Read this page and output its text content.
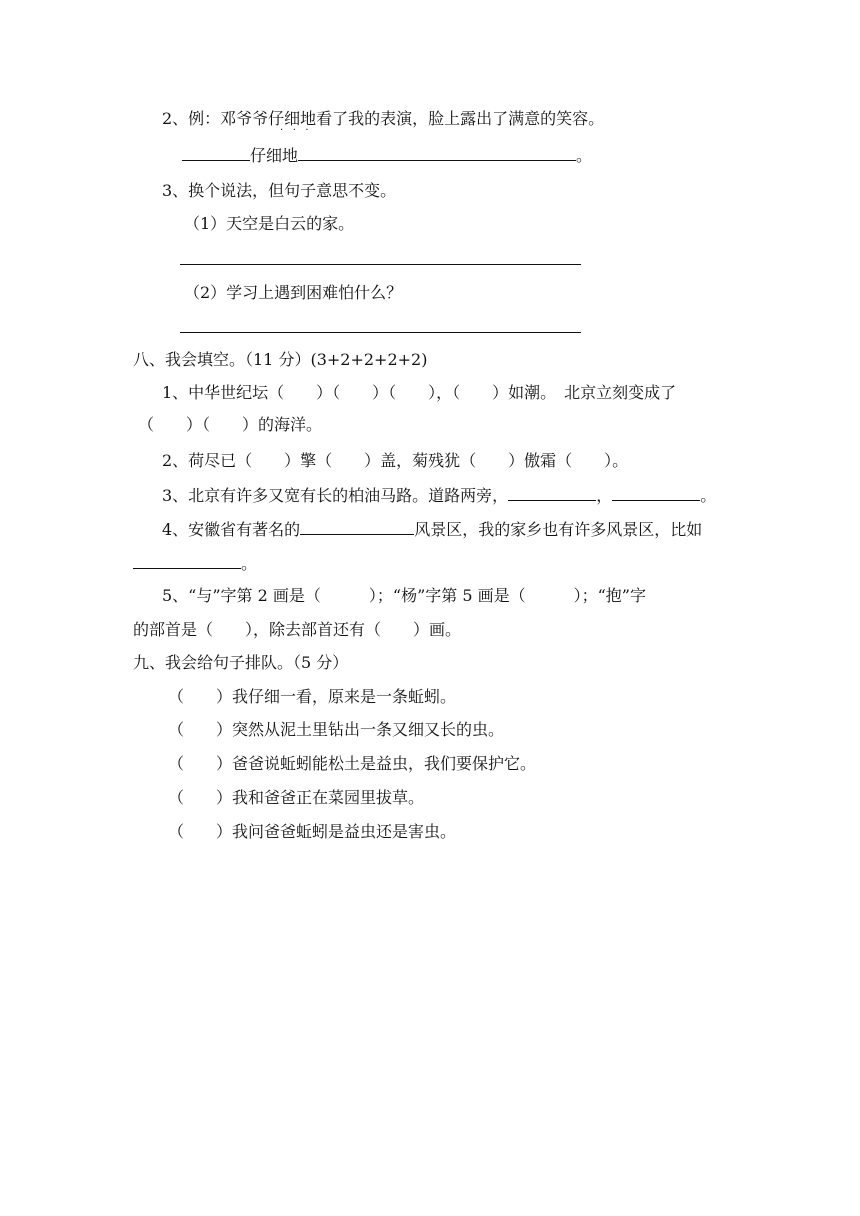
2、例：邓爷爷仔细地看了我的表演，脸上露出了满意的笑容。
·   ·   ·
仔细地	。
3、换个说法，但句子意思不变。
（1）天空是白云的家。
（2）学习上遇到困难怕什么？
八、我会填空。（11 分）(3+2+2+2+2)
1、中华世纪坛（　　）（　　）（　　），（　　）如潮。　北京立刻变成了
（　　）（　　）的海洋。
2、荷尽已（　　）擎（　　）盖，菊残犹（　　）傲霜（　　）。
3、北京有许多又宽有长的柏油马路。道路两旁，	，	。
4、安徽省有著名的	风景区，我的家乡也有许多风景区，比如
。
5、“与”字第 2 画是（　　　）；“杨”字第 5 画是（　　　）；“抱”字
的部首是（　　），除去部首还有（　　）画。
九、我会给句子排队。（5 分）
（　　）我仔细一看，原来是一条蚯蚓。
（　　）突然从泥土里钻出一条又细又长的虫。
（　　）爸爸说蚯蚓能松土是益虫，我们要保护它。
（　　）我和爸爸正在菜园里拔草。
（　　）我问爸爸蚯蚓是益虫还是害虫。
